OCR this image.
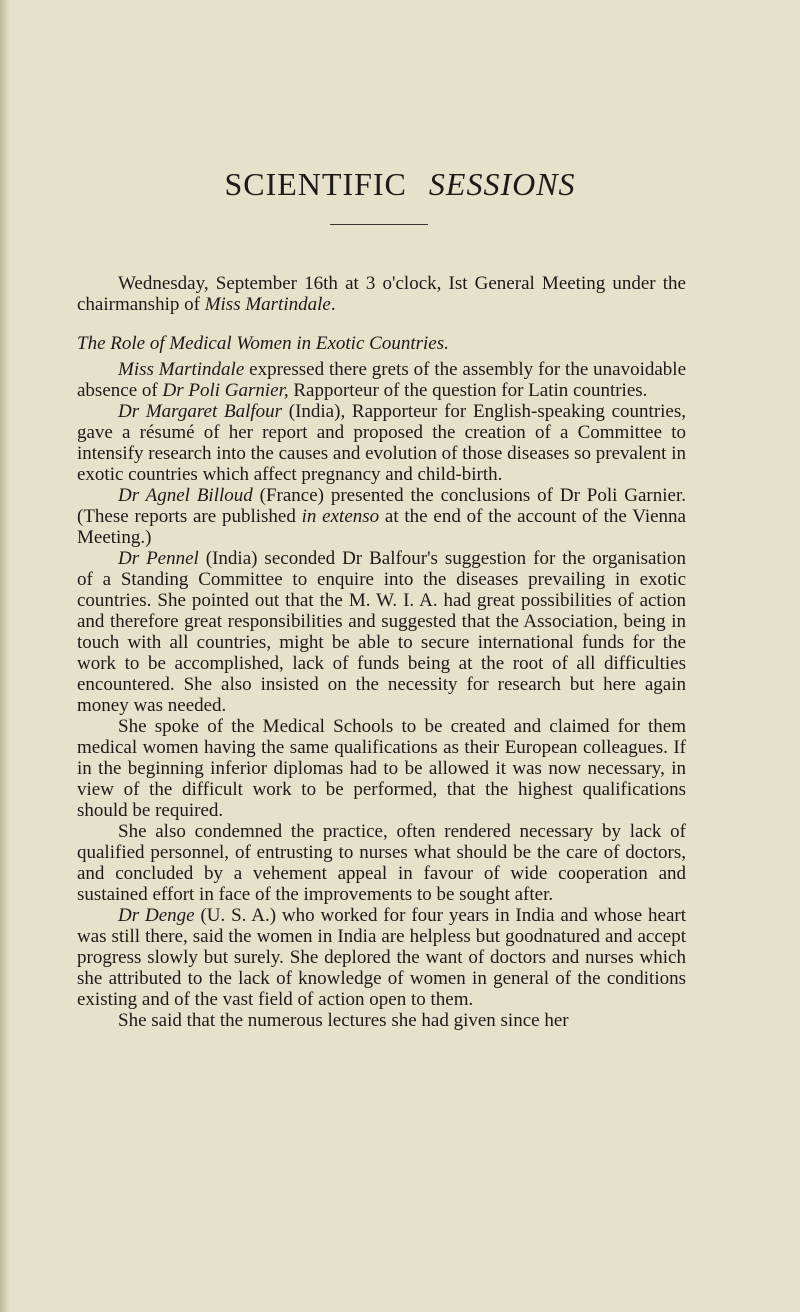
SCIENTIFIC SESSIONS

Wednesday, September 16th at 3 o'clock, Ist General Meeting under the chairmanship of Miss Martindale.

The Role of Medical Women in Exotic Countries.

Miss Martindale expressed there grets of the assembly for the unavoidable absence of Dr Poli Garnier, Rapporteur of the question for Latin countries.

Dr Margaret Balfour (India), Rapporteur for English-speaking countries, gave a résumé of her report and proposed the creation of a Committee to intensify research into the causes and evolution of those diseases so prevalent in exotic countries which affect pregnancy and child-birth.

Dr Agnel Billoud (France) presented the conclusions of Dr Poli Garnier. (These reports are published in extenso at the end of the account of the Vienna Meeting.)

Dr Pennel (India) seconded Dr Balfour's suggestion for the organisation of a Standing Committee to enquire into the diseases prevailing in exotic countries. She pointed out that the M. W. I. A. had great possibilities of action and therefore great responsibilities and suggested that the Association, being in touch with all countries, might be able to secure international funds for the work to be accomplished, lack of funds being at the root of all difficulties encountered. She also insisted on the necessity for research but here again money was needed.

She spoke of the Medical Schools to be created and claimed for them medical women having the same qualifications as their European colleagues. If in the beginning inferior diplomas had to be allowed it was now necessary, in view of the difficult work to be performed, that the highest qualifications should be required.

She also condemned the practice, often rendered necessary by lack of qualified personnel, of entrusting to nurses what should be the care of doctors, and concluded by a vehement appeal in favour of wide cooperation and sustained effort in face of the improvements to be sought after.

Dr Denge (U. S. A.) who worked for four years in India and whose heart was still there, said the women in India are helpless but goodnatured and accept progress slowly but surely. She deplored the want of doctors and nurses which she attributed to the lack of knowledge of women in general of the conditions existing and of the vast field of action open to them.

She said that the numerous lectures she had given since her
